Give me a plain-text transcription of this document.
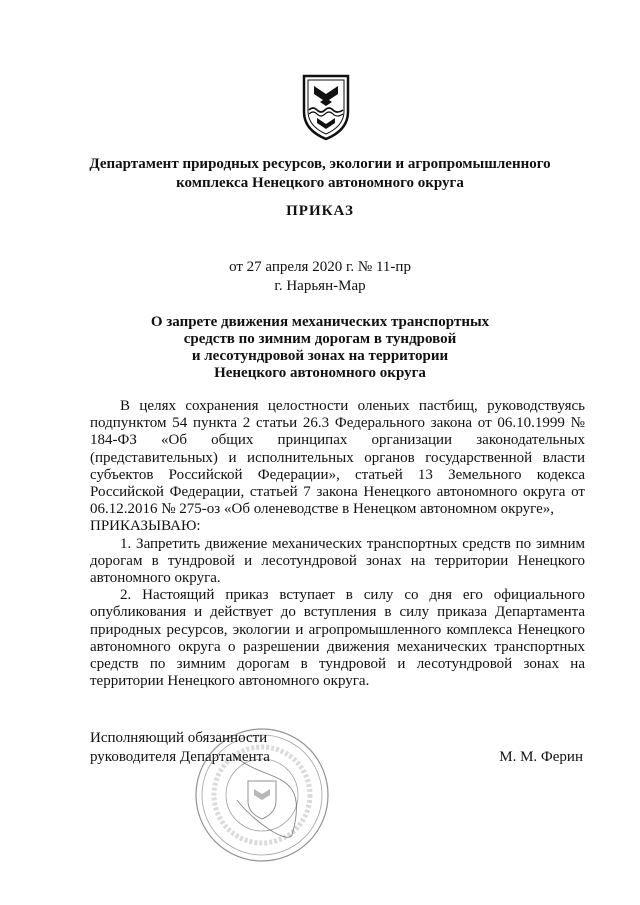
Департамент природных ресурсов, экологии и агропромышленного
комплекса Ненецкого автономного округа
ПРИКАЗ
от 27 апреля 2020 г. № 11-пр
г. Нарьян-Мар
О запрете движения механических транспортных
средств по зимним дорогам в тундровой
и лесотундровой зонах на территории
Ненецкого автономного округа

В целях сохранения целостности оленьих пастбищ, руководствуясь подпунктом 54 пункта 2 статьи 26.3 Федерального закона от 06.10.1999 № 184-ФЗ «Об общих принципах организации законодательных (представительных) и исполнительных органов государственной власти субъектов Российской Федерации», статьей 13 Земельного кодекса Российской Федерации, статьей 7 закона Ненецкого автономного округа от 06.12.2016 № 275-оз «Об оленеводстве в Ненецком автономном округе»,

ПРИКАЗЫВАЮ:

1. Запретить движение механических транспортных средств по зимним дорогам в тундровой и лесотундровой зонах на территории Ненецкого автономного округа.

2. Настоящий приказ вступает в силу со дня его официального опубликования и действует до вступления в силу приказа Департамента природных ресурсов, экологии и агропромышленного комплекса Ненецкого автономного округа о разрешении движения механических транспортных средств по зимним дорогам в тундровой и лесотундровой зонах на территории Ненецкого автономного округа.

Исполняющий обязанности
руководителя Департамента	М. М. Ферин
